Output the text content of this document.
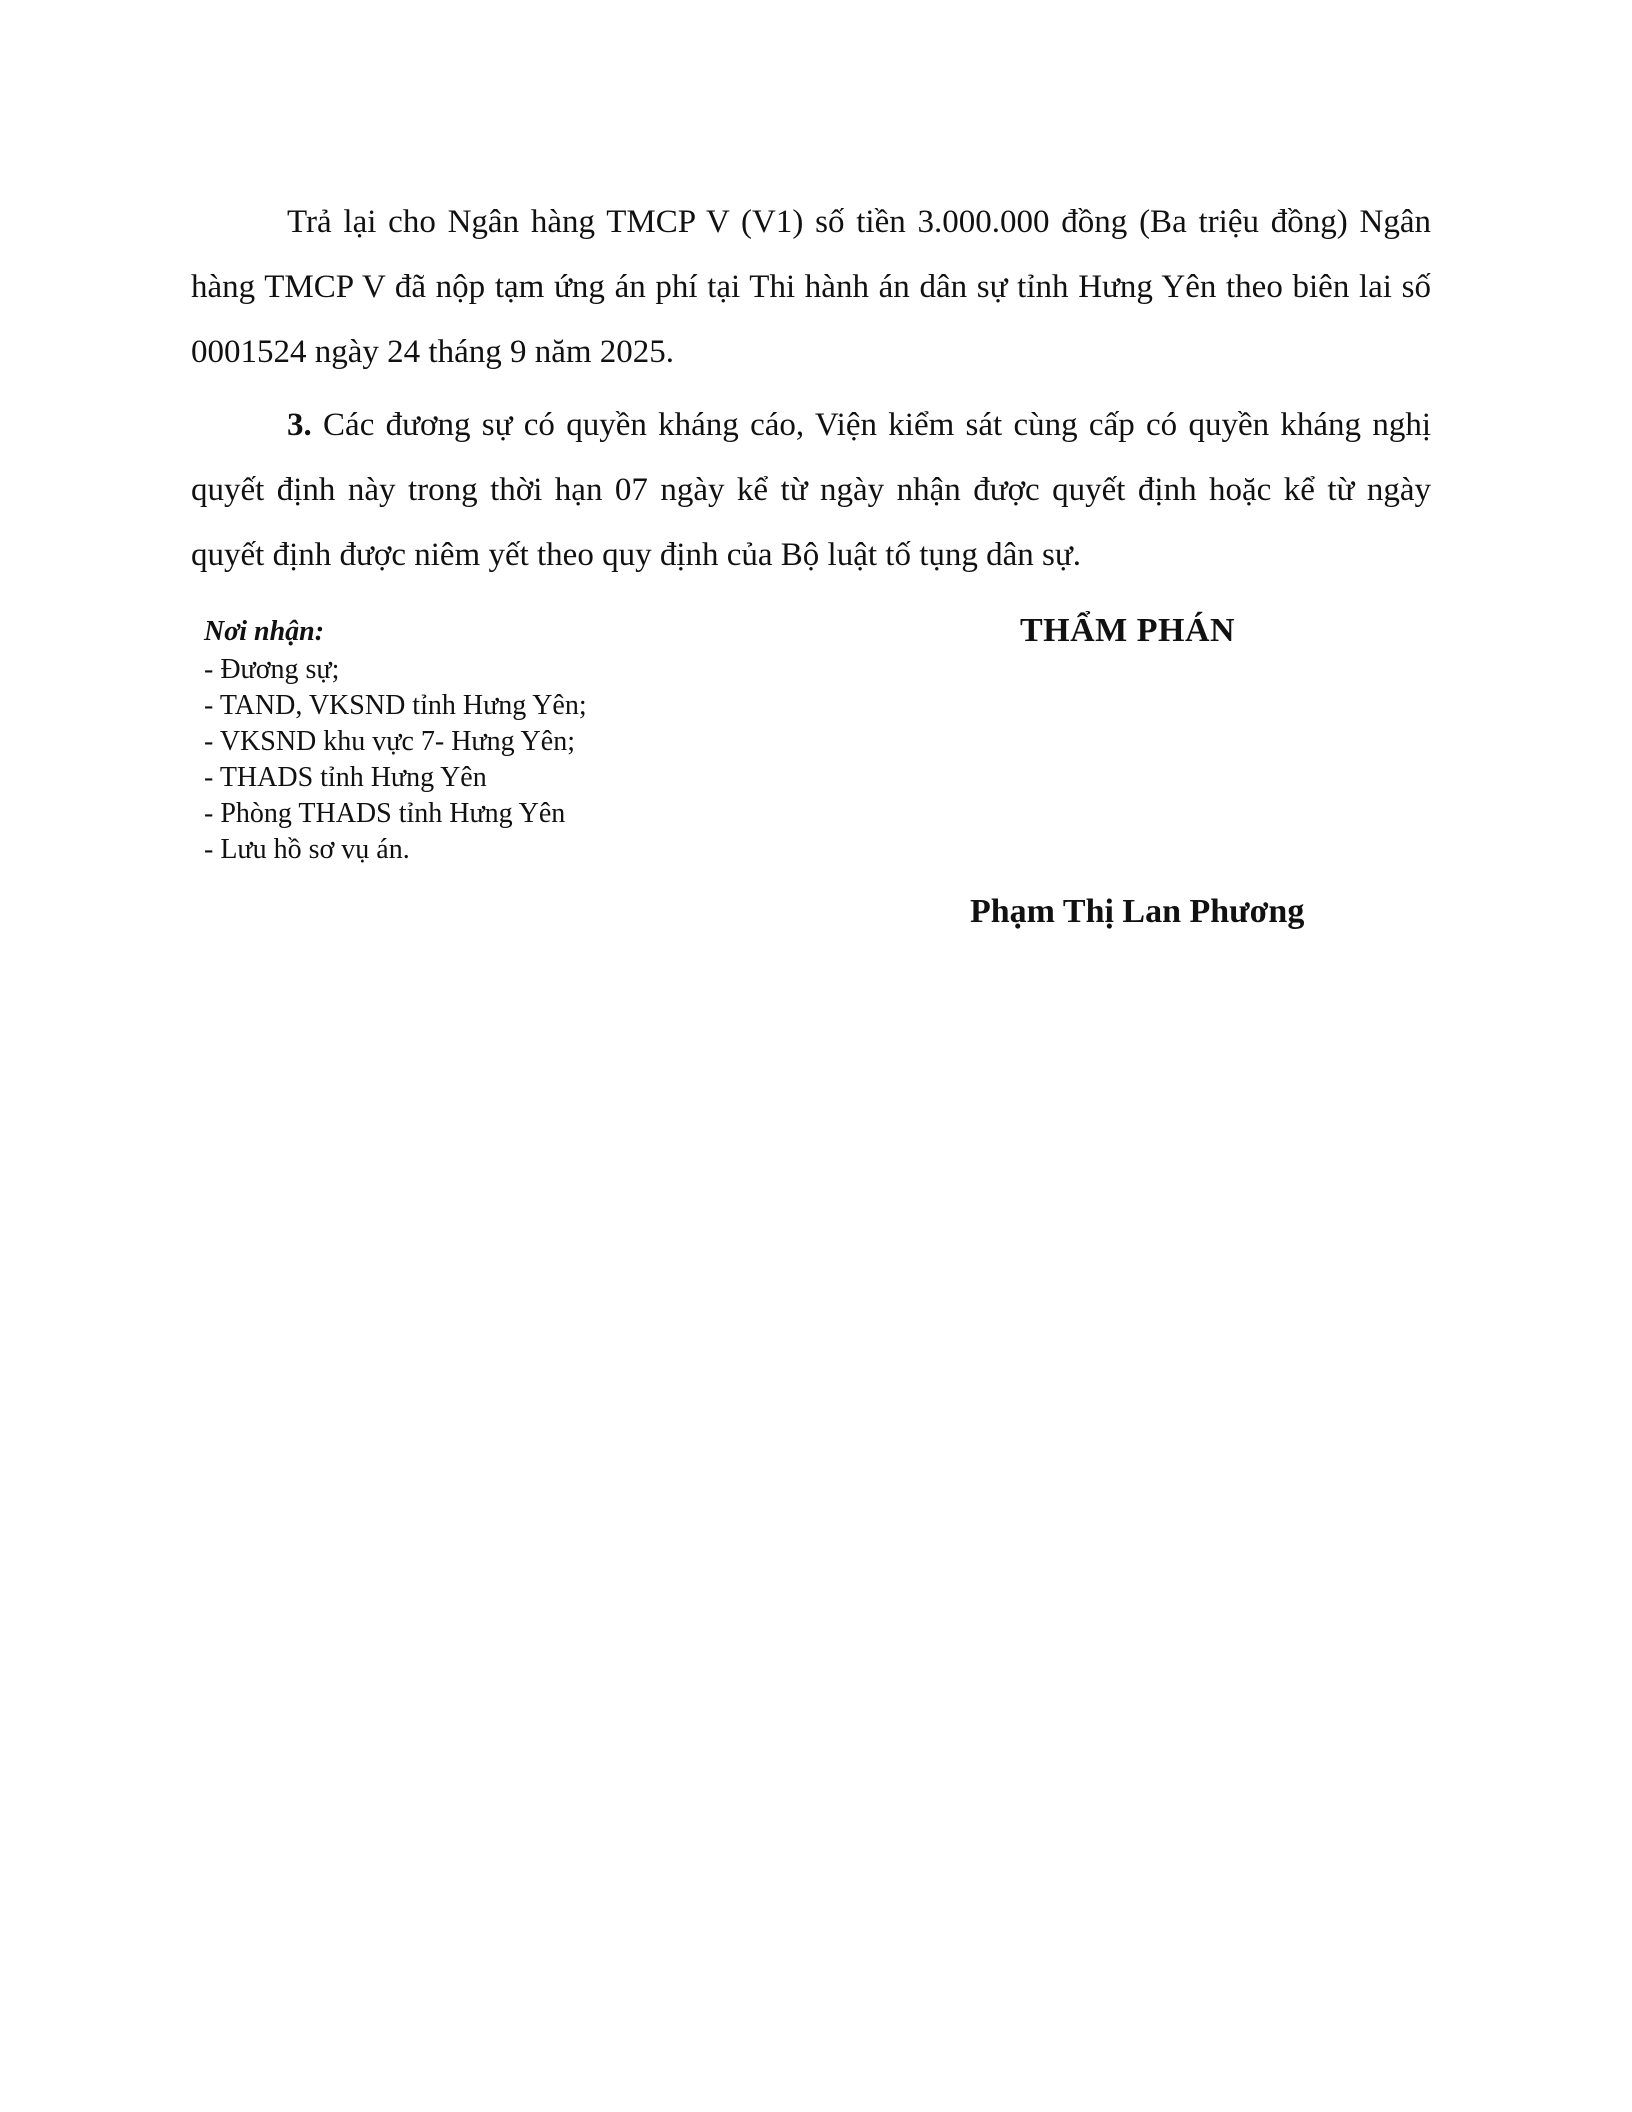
Trả lại cho Ngân hàng TMCP V (V1) số tiền 3.000.000 đồng (Ba triệu đồng) Ngân hàng TMCP V đã nộp tạm ứng án phí tại Thi hành án dân sự tỉnh Hưng Yên theo biên lai số 0001524 ngày 24 tháng 9 năm 2025.

3. Các đương sự có quyền kháng cáo, Viện kiểm sát cùng cấp có quyền kháng nghị quyết định này trong thời hạn 07 ngày kể từ ngày nhận được quyết định hoặc kể từ ngày quyết định được niêm yết theo quy định của Bộ luật tố tụng dân sự.

Nơi nhận:
- Đương sự;
- TAND, VKSND tỉnh Hưng Yên;
- VKSND khu vực 7- Hưng Yên;
- THADS tỉnh Hưng Yên
- Phòng THADS tỉnh Hưng Yên
- Lưu hồ sơ vụ án.
THẨM PHÁN
Phạm Thị Lan Phương
